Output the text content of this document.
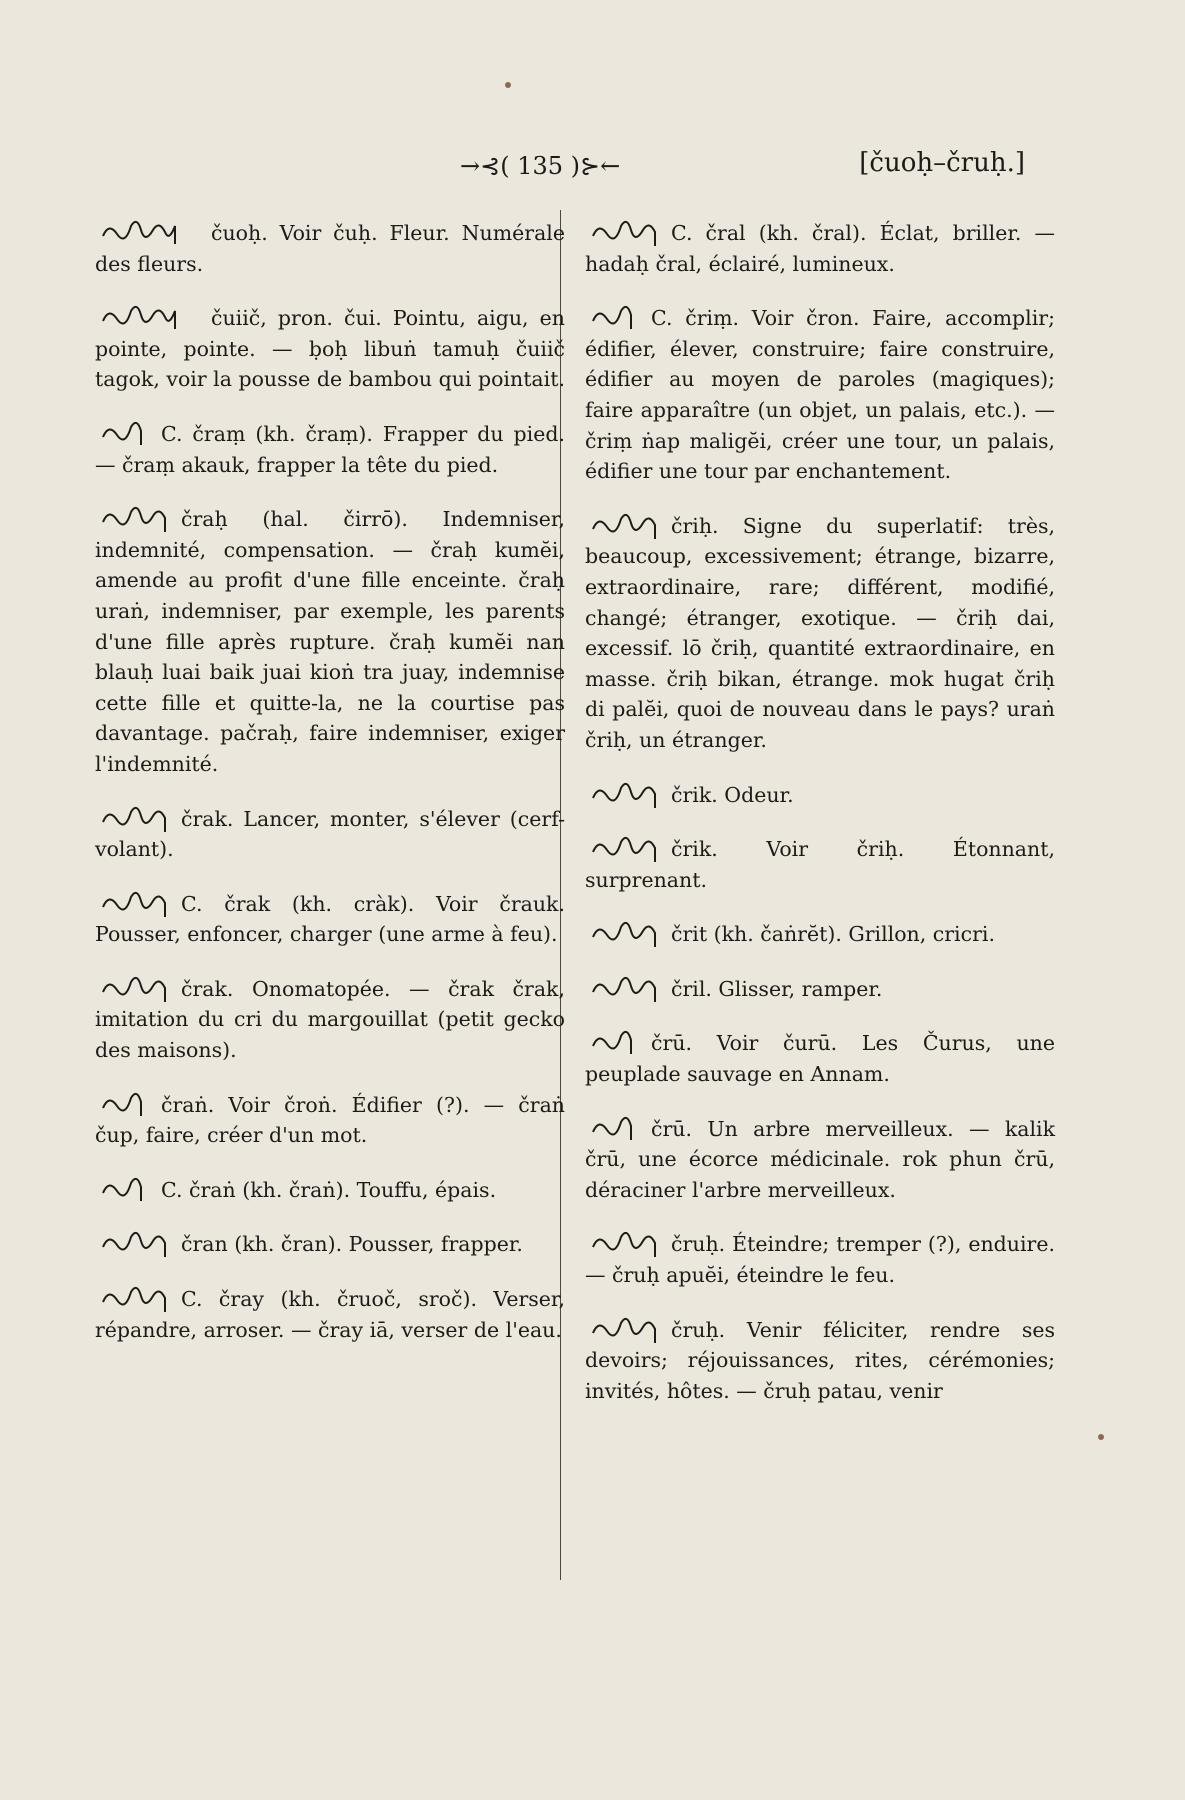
→⊰( 135 )⊱←	[čuoḥ–čruḥ.]

čuoḥ. Voir čuḥ. Fleur. Numérale des fleurs.

čuiič, pron. čui. Pointu, aigu, en pointe, pointe. — ḅoḥ libuṅ tamuḥ čuiič tagok, voir la pousse de bambou qui pointait.

C. čraṃ (kh. čraṃ). Frapper du pied. — čraṃ akauk, frapper la tête du pied.

čraḥ (hal. čirrō). Indemniser, indemnité, compensation. — čraḥ kumĕi, amende au profit d'une fille enceinte. čraḥ uraṅ, indemniser, par exemple, les parents d'une fille après rupture. čraḥ kumĕi nan blauḥ luai baik juai kioṅ tra juay, indemnise cette fille et quitte-la, ne la courtise pas davantage. pačraḥ, faire indemniser, exiger l'indemnité.

črak. Lancer, monter, s'élever (cerf-volant).

C. črak (kh. cràk). Voir črauk. Pousser, enfoncer, charger (une arme à feu).

črak. Onomatopée. — črak črak, imitation du cri du margouillat (petit gecko des maisons).

čraṅ. Voir čroṅ. Édifier (?). — čraṅ čup, faire, créer d'un mot.

C. čraṅ (kh. čraṅ). Touffu, épais.

čran (kh. čran). Pousser, frapper.

C. čray (kh. čruoč, sroč). Verser, répandre, arroser. — čray iā, verser de l'eau.

C. čral (kh. čral). Éclat, briller. — hadaḥ čral, éclairé, lumineux.

C. čriṃ. Voir čron. Faire, accomplir; édifier, élever, construire; faire construire, édifier au moyen de paroles (magiques); faire apparaître (un objet, un palais, etc.). — čriṃ ṅap maligĕi, créer une tour, un palais, édifier une tour par enchantement.

čriḥ. Signe du superlatif: très, beaucoup, excessivement; étrange, bizarre, extraordinaire, rare; différent, modifié, changé; étranger, exotique. — čriḥ dai, excessif. lō čriḥ, quantité extraordinaire, en masse. čriḥ bikan, étrange. mok hugat čriḥ di palĕi, quoi de nouveau dans le pays? uraṅ čriḥ, un étranger.

črik. Odeur.

črik. Voir čriḥ. Étonnant, surprenant.

črit (kh. čaṅrĕt). Grillon, cricri.

čril. Glisser, ramper.

črū. Voir čurū. Les Čurus, une peuplade sauvage en Annam.

črū. Un arbre merveilleux. — kalik črū, une écorce médicinale. rok phun črū, déraciner l'arbre merveilleux.

čruḥ. Éteindre; tremper (?), enduire. — čruḥ apuĕi, éteindre le feu.

čruḥ. Venir féliciter, rendre ses devoirs; réjouissances, rites, cérémonies; invités, hôtes. — čruḥ patau, venir
